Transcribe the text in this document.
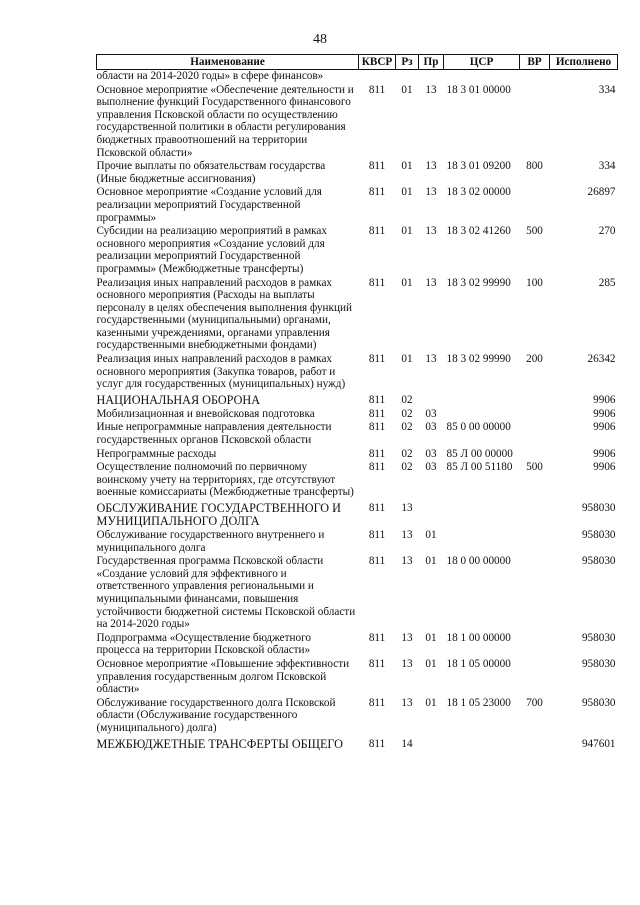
48
Наименование	КВСР	Рз	Пр	ЦСР	ВР	Исполнено
области на 2014-2020 годы» в сфере финансов»						
Основное мероприятие «Обеспечение деятельности и выполнение функций Государственного финансового управления Псковской области по осуществлению государственной политики в области регулирования бюджетных правоотношений на территории Псковской области»	811	01	13	18 3 01 00000		334
Прочие выплаты по обязательствам государства (Иные бюджетные ассигнования)	811	01	13	18 3 01 09200	800	334
Основное мероприятие «Создание условий для реализации мероприятий Государственной программы»	811	01	13	18 3 02 00000		26897
Субсидии на реализацию мероприятий в рамках основного мероприятия «Создание условий для реализации мероприятий Государственной программы» (Межбюджетные трансферты)	811	01	13	18 3 02 41260	500	270
Реализация иных направлений расходов в рамках основного мероприятия (Расходы на выплаты персоналу в целях обеспечения выполнения функций государственными (муниципальными) органами, казенными учреждениями, органами управления государственными внебюджетными фондами)	811	01	13	18 3 02 99990	100	285
Реализация иных направлений расходов в рамках основного мероприятия (Закупка товаров, работ и услуг для государственных (муниципальных) нужд)	811	01	13	18 3 02 99990	200	26342
НАЦИОНАЛЬНАЯ ОБОРОНА	811	02				9906
Мобилизационная и вневойсковая подготовка	811	02	03			9906
Иные непрограммные направления деятельности государственных органов Псковской области	811	02	03	85 0 00 00000		9906
Непрограммные расходы	811	02	03	85 Л 00 00000		9906
Осуществление полномочий по первичному воинскому учету на территориях, где отсутствуют военные комиссариаты (Межбюджетные трансферты)	811	02	03	85 Л 00 51180	500	9906
ОБСЛУЖИВАНИЕ ГОСУДАРСТВЕННОГО И МУНИЦИПАЛЬНОГО ДОЛГА	811	13				958030
Обслуживание государственного внутреннего и муниципального долга	811	13	01			958030
Государственная программа Псковской области «Создание условий для эффективного и ответственного управления региональными и муниципальными финансами, повышения устойчивости бюджетной системы Псковской области на 2014-2020 годы»	811	13	01	18 0 00 00000		958030
Подпрограмма «Осуществление бюджетного процесса на территории Псковской области»	811	13	01	18 1 00 00000		958030
Основное мероприятие «Повышение эффективности управления государственным долгом Псковской области»	811	13	01	18 1 05 00000		958030
Обслуживание государственного долга Псковской области (Обслуживание государственного (муниципального) долга)	811	13	01	18 1 05 23000	700	958030
МЕЖБЮДЖЕТНЫЕ ТРАНСФЕРТЫ ОБЩЕГО	811	14				947601
